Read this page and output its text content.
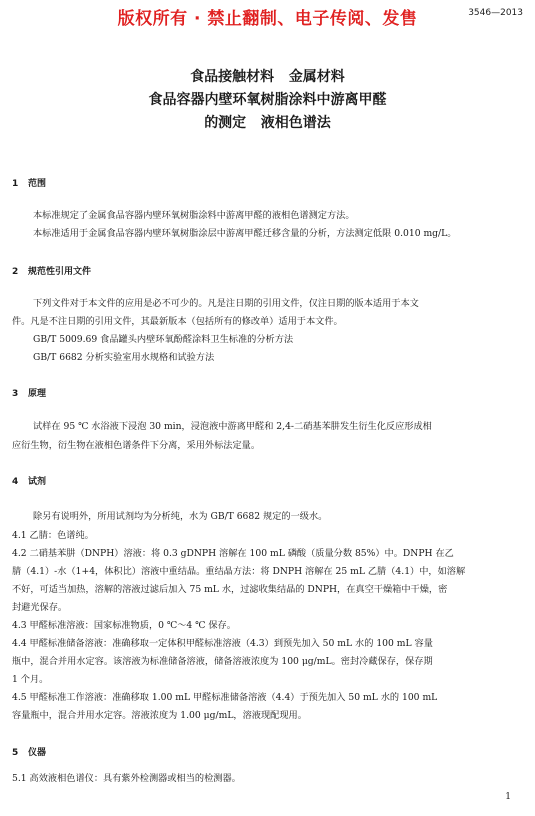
版权所有 · 禁止翻制、电子传阅、发售	3546—2013
食品接触材料   金属材料
食品容器内壁环氧树脂涂料中游离甲醛
的测定   液相色谱法
1 范围
本标准规定了金属食品容器内壁环氧树脂涂料中游离甲醛的液相色谱测定方法。
本标准适用于金属食品容器内壁环氧树脂涂层中游离甲醛迁移含量的分析，方法测定低限 0.010 mg/L。
2 规范性引用文件
下列文件对于本文件的应用是必不可少的。凡是注日期的引用文件，仅注日期的版本适用于本文
件。凡是不注日期的引用文件，其最新版本（包括所有的修改单）适用于本文件。
GB/T 5009.69 食品罐头内壁环氧酚醛涂料卫生标准的分析方法
GB/T 6682 分析实验室用水规格和试验方法
3 原理
试样在 95 ℃ 水浴液下浸泡 30 min，浸泡液中游离甲醛和 2,4-二硝基苯肼发生衍生化反应形成相
应衍生物，衍生物在液相色谱条件下分离，采用外标法定量。
4 试剂
除另有说明外，所用试剂均为分析纯，水为 GB/T 6682 规定的一级水。
4.1 乙腈：色谱纯。
4.2 二硝基苯肼（DNPH）溶液：将 0.3 gDNPH 溶解在 100 mL 磷酸（质量分数 85%）中。DNPH 在乙
腈（4.1）-水（1+4，体积比）溶液中重结晶。重结晶方法：将 DNPH 溶解在 25 mL 乙腈（4.1）中，如溶解
不好，可适当加热，溶解的溶液过滤后加入 75 mL 水，过滤收集结晶的 DNPH，在真空干燥箱中干燥，密
封避光保存。
4.3 甲醛标准溶液：国家标准物质，0 ℃～4 ℃ 保存。
4.4 甲醛标准储备溶液：准确移取一定体积甲醛标准溶液（4.3）到预先加入 50 mL 水的 100 mL 容量
瓶中，混合并用水定容。该溶液为标准储备溶液，储备溶液浓度为 100 μg/mL。密封冷藏保存，保存期
1 个月。
4.5 甲醛标准工作溶液：准确移取 1.00 mL 甲醛标准储备溶液（4.4）于预先加入 50 mL 水的 100 mL
容量瓶中，混合并用水定容。溶液浓度为 1.00 μg/mL，溶液现配现用。
5 仪器
5.1 高效液相色谱仪：具有紫外检测器或相当的检测器。
1
